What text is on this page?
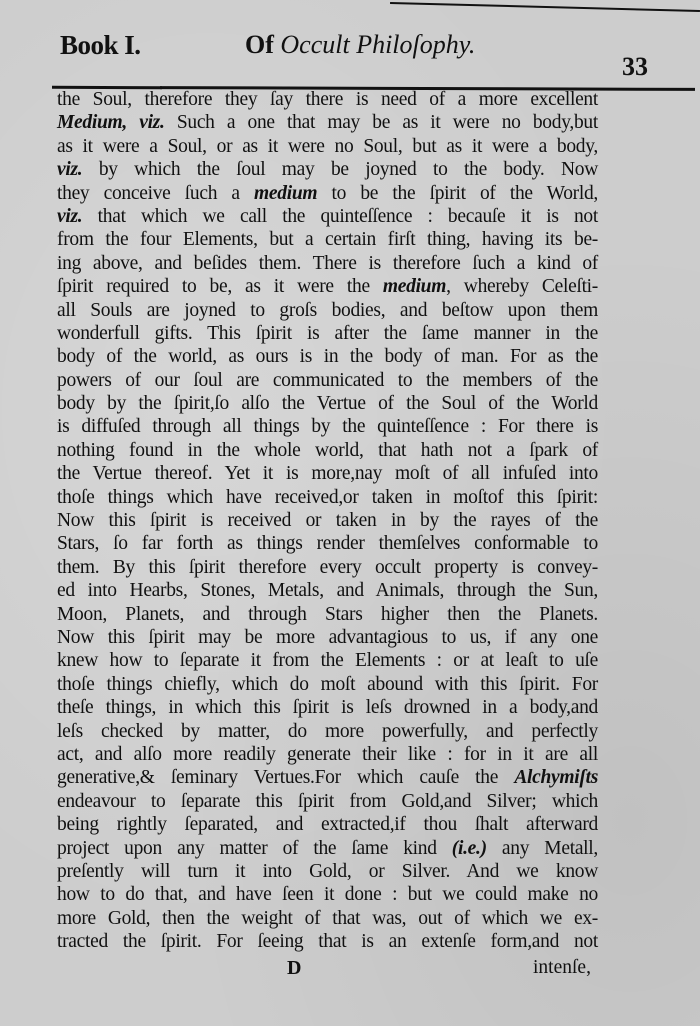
Book I.	Of Occult Philoſophy.
33
the Soul, therefore they ſay there is need of a more excellent
Medium, viz. Such a one that may be as it were no body,but
as it were a Soul, or as it were no Soul, but as it were a body,
viz. by which the ſoul may be joyned to the body. Now
they conceive ſuch a medium to be the ſpirit of the World,
viz. that which we call the quinteſſence : becauſe it is not
from the four Elements, but a certain firſt thing, having its be-
ing above, and beſides them. There is therefore ſuch a kind of
ſpirit required to be, as it were the medium, whereby Celeſti-
all Souls are joyned to groſs bodies, and beſtow upon them
wonderfull gifts. This ſpirit is after the ſame manner in the
body of the world, as ours is in the body of man. For as the
powers of our ſoul are communicated to the members of the
body by the ſpirit,ſo alſo the Vertue of the Soul of the World
is diffuſed through all things by the quinteſſence : For there is
nothing found in the whole world, that hath not a ſpark of
the Vertue thereof. Yet it is more,nay moſt of all infuſed into
thoſe things which have received,or taken in moſtof this ſpirit:
Now this ſpirit is received or taken in by the rayes of the
Stars, ſo far forth as things render themſelves conformable to
them. By this ſpirit therefore every occult property is convey-
ed into Hearbs, Stones, Metals, and Animals, through the Sun,
Moon, Planets, and through Stars higher then the Planets.
Now this ſpirit may be more advantagious to us, if any one
knew how to ſeparate it from the Elements : or at leaſt to uſe
thoſe things chiefly, which do moſt abound with this ſpirit. For
theſe things, in which this ſpirit is leſs drowned in a body,and
leſs checked by matter, do more powerfully, and perfectly
act, and alſo more readily generate their like : for in it are all
generative,& ſeminary Vertues.For which cauſe the Alchymiſts
endeavour to ſeparate this ſpirit from Gold,and Silver; which
being rightly ſeparated, and extracted,if thou ſhalt afterward
project upon any matter of the ſame kind (i.e.) any Metall,
preſently will turn it into Gold, or Silver. And we know
how to do that, and have ſeen it done : but we could make no
more Gold, then the weight of that was, out of which we ex-
tracted the ſpirit. For ſeeing that is an extenſe form,and not
D	intenſe,
